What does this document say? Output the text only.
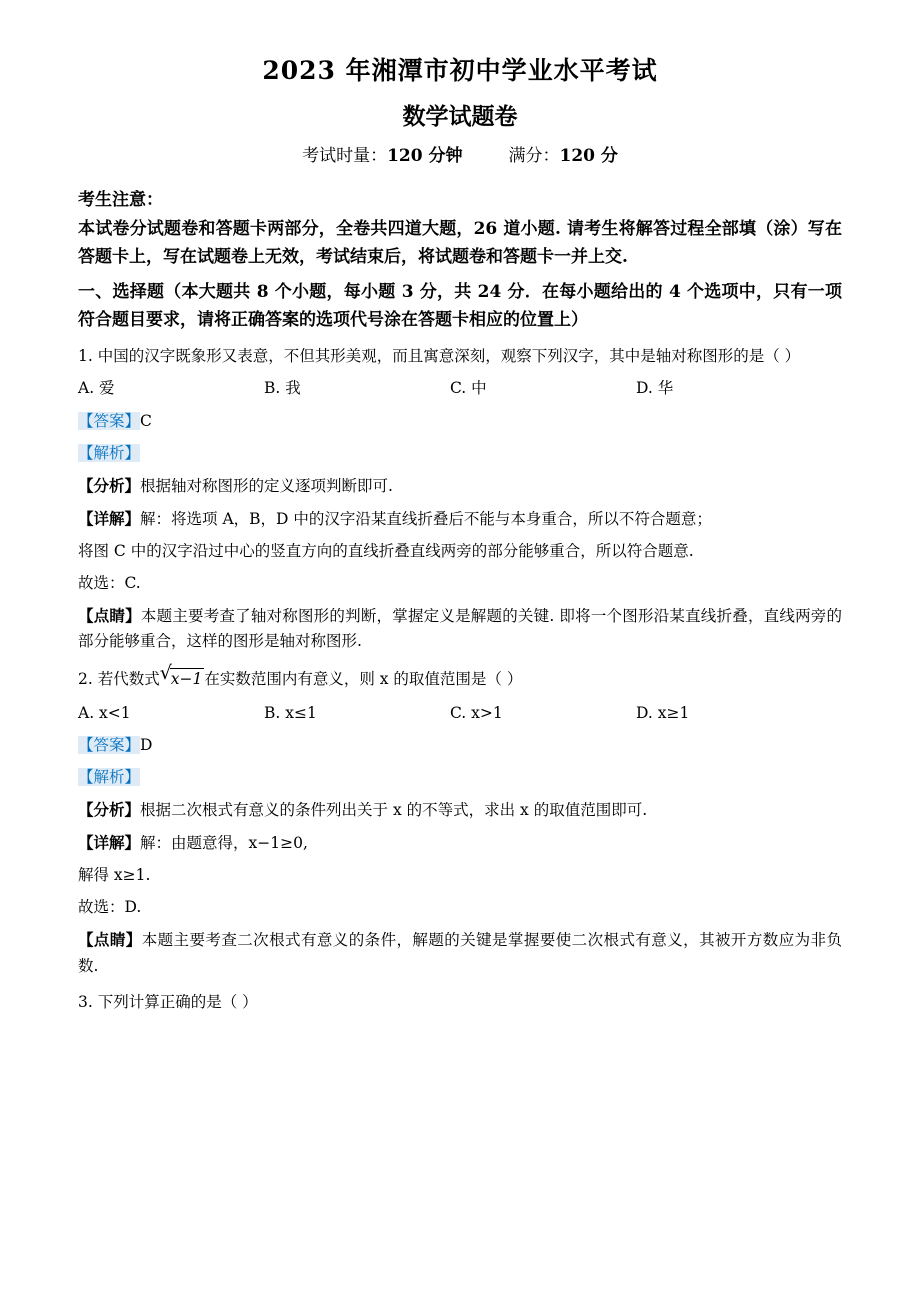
2023 年湘潭市初中学业水平考试
数学试题卷
考试时量：120 分钟	满分：120 分
考生注意：
本试卷分试题卷和答题卡两部分，全卷共四道大题，26 道小题. 请考生将解答过程全部填（涂）写在答题卡上，写在试题卷上无效，考试结束后，将试题卷和答题卡一并上交.
一、选择题（本大题共 8 个小题，每小题 3 分，共 24 分．在每小题给出的 4 个选项中，只有一项符合题目要求，请将正确答案的选项代号涂在答题卡相应的位置上）
1. 中国的汉字既象形又表意，不但其形美观，而且寓意深刻，观察下列汉字，其中是轴对称图形的是（ ）
A. 爱	B. 我	C. 中	D. 华
【答案】C
【解析】
【分析】根据轴对称图形的定义逐项判断即可.
【详解】解：将选项 A，B，D 中的汉字沿某直线折叠后不能与本身重合，所以不符合题意；
将图 C 中的汉字沿过中心的竖直方向的直线折叠直线两旁的部分能够重合，所以符合题意.
故选：C.
【点睛】本题主要考查了轴对称图形的判断，掌握定义是解题的关键. 即将一个图形沿某直线折叠，直线两旁的部分能够重合，这样的图形是轴对称图形.
2. 若代数式 √
x−1 在实数范围内有意义，则 x 的取值范围是（ ）
A. x<1	B. x≤1	C. x>1	D. x≥1
【答案】D
【解析】
【分析】根据二次根式有意义的条件列出关于 x 的不等式，求出 x 的取值范围即可.
【详解】解：由题意得，x−1≥0,
解得 x≥1.
故选：D.
【点睛】本题主要考查二次根式有意义的条件，解题的关键是掌握要使二次根式有意义，其被开方数应为非负数.
3. 下列计算正确的是（ ）
